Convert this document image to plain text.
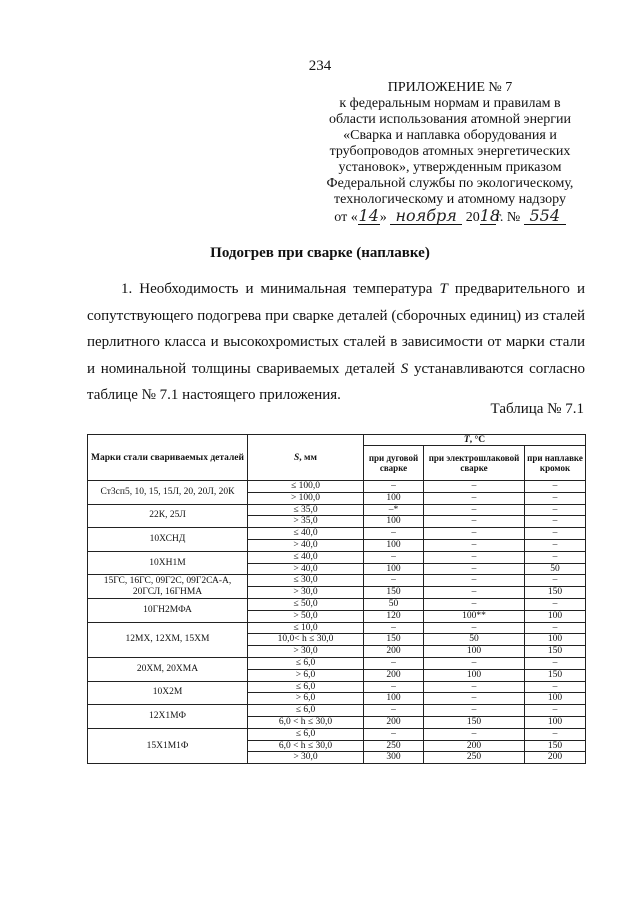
234
ПРИЛОЖЕНИЕ № 7
к федеральным нормам и правилам в
области использования атомной энергии
«Сварка и наплавка оборудования и
трубопроводов атомных энергетических
установок», утвержденным приказом
Федеральной службы по экологическому,
технологическому и атомному надзору
от «14» ноября 2018г. № 554
Подогрев при сварке (наплавке)
1. Необходимость и минимальная температура T предварительного и сопутствующего подогрева при сварке деталей (сборочных единиц) из сталей перлитного класса и высокохромистых сталей в зависимости от марки стали и номинальной толщины свариваемых деталей S устанавливаются согласно таблице № 7.1 настоящего приложения.
Таблица № 7.1
Марки стали свариваемых деталей	S, мм	T, °С		
		при дуговой сварке	при электрошлаковой сварке	при наплавке кромок
Ст3сп5, 10, 15, 15Л, 20, 20Л, 20К	≤ 100,0	–	–	–
	> 100,0	100	–	–
22К, 25Л	≤ 35,0	–*	–	–
	> 35,0	100	–	–
10ХСНД	≤ 40,0	–	–	–
	> 40,0	100	–	–
10ХН1М	≤ 40,0	–	–	–
	> 40,0	100	–	50
15ГС, 16ГС, 09Г2С, 09Г2СА-А, 20ГСЛ, 16ГНМА	≤ 30,0	–	–	–
	> 30,0	150	–	150
10ГН2МФА	≤ 50,0	50	–	–
	> 50,0	120	100**	100
12МХ, 12ХМ, 15ХМ	≤ 10,0	–	–	–
	10,0< h ≤ 30,0	150	50	100
	> 30,0	200	100	150
20ХМ, 20ХМА	≤ 6,0	–	–	–
	> 6,0	200	100	150
10Х2М	≤ 6,0	–	–	–
	> 6,0	100	–	100
12Х1МФ	≤ 6,0	–	–	–
	6,0 < h ≤ 30,0	200	150	100
15Х1М1Ф	≤ 6,0	–	–	–
	6,0 < h ≤ 30,0	250	200	150
	> 30,0	300	250	200
